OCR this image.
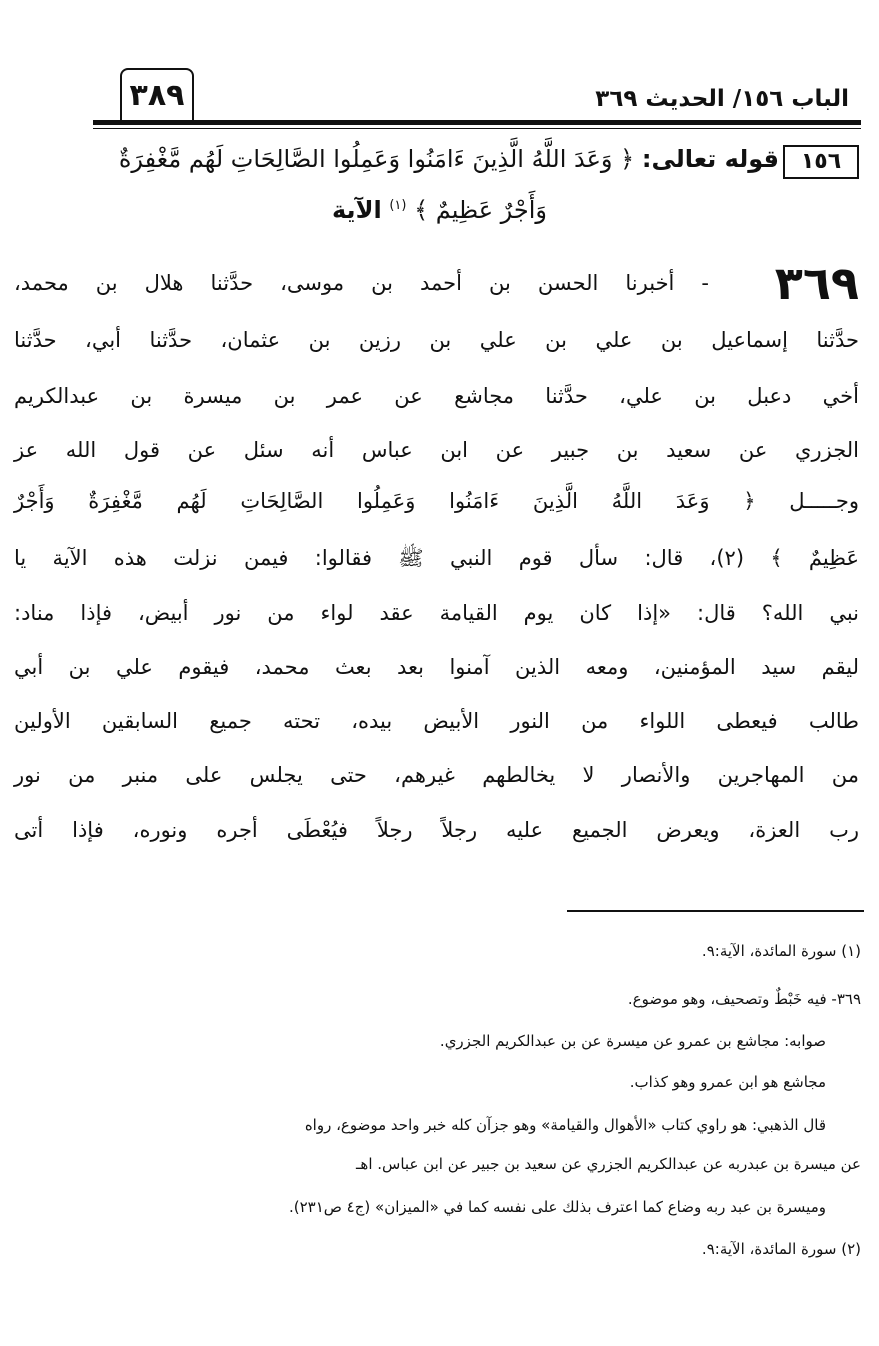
الباب ١٥٦/ الحديث ٣٦٩
٣٨٩
١٥٦
قوله تعالى: ﴿ وَعَدَ اللَّهُ الَّذِينَ ءَامَنُوا وَعَمِلُوا الصَّالِحَاتِ لَهُم مَّغْفِرَةٌ
وَأَجْرٌ عَظِيمٌ ﴾ $^{(١)}$ الآية
٣٦٩
- أخبرنا الحسن بن أحمد بن موسى، حدَّثنا هلال بن محمد،
حدَّثنا إسماعيل بن علي بن علي بن رزين بن عثمان، حدَّثنا أبي، حدَّثنا
أخي دعبل بن علي، حدَّثنا مجاشع عن عمر بن ميسرة بن عبدالكريم
الجزري عن سعيد بن جبير عن ابن عباس أنه سئل عن قول الله عز
وجـــــل ﴿ وَعَدَ اللَّهُ الَّذِينَ ءَامَنُوا وَعَمِلُوا الصَّالِحَاتِ لَهُم مَّغْفِرَةٌ وَأَجْرٌ
عَظِيمٌ ﴾ (٢)، قال: سأل قوم النبي ﷺ فقالوا: فيمن نزلت هذه الآية يا
نبي الله؟ قال: «إذا كان يوم القيامة عقد لواء من نور أبيض، فإذا مناد:
ليقم سيد المؤمنين، ومعه الذين آمنوا بعد بعث محمد، فيقوم علي بن أبي
طالب فيعطى اللواء من النور الأبيض بيده، تحته جميع السابقين الأولين
من المهاجرين والأنصار لا يخالطهم غيرهم، حتى يجلس على منبر من نور
رب العزة، ويعرض الجميع عليه رجلاً رجلاً فيُعْطَى أجره ونوره، فإذا أتى
(١) سورة المائدة، الآية:٩.
٣٦٩- فيه خَبْطٌ وتصحيف، وهو موضوع.
صوابه: مجاشع بن عمرو عن ميسرة عن بن عبدالكريم الجزري.
مجاشع هو ابن عمرو وهو كذاب.
قال الذهبي: هو راوي كتاب «الأهوال والقيامة» وهو جزآن كله خبر واحد موضوع، رواه
عن ميسرة بن عبدربه عن عبدالكريم الجزري عن سعيد بن جبير عن ابن عباس. اهـ
وميسرة بن عبد ربه وضاع كما اعترف بذلك على نفسه كما في «الميزان» (ج٤ ص٢٣١).
(٢) سورة المائدة، الآية:٩.
